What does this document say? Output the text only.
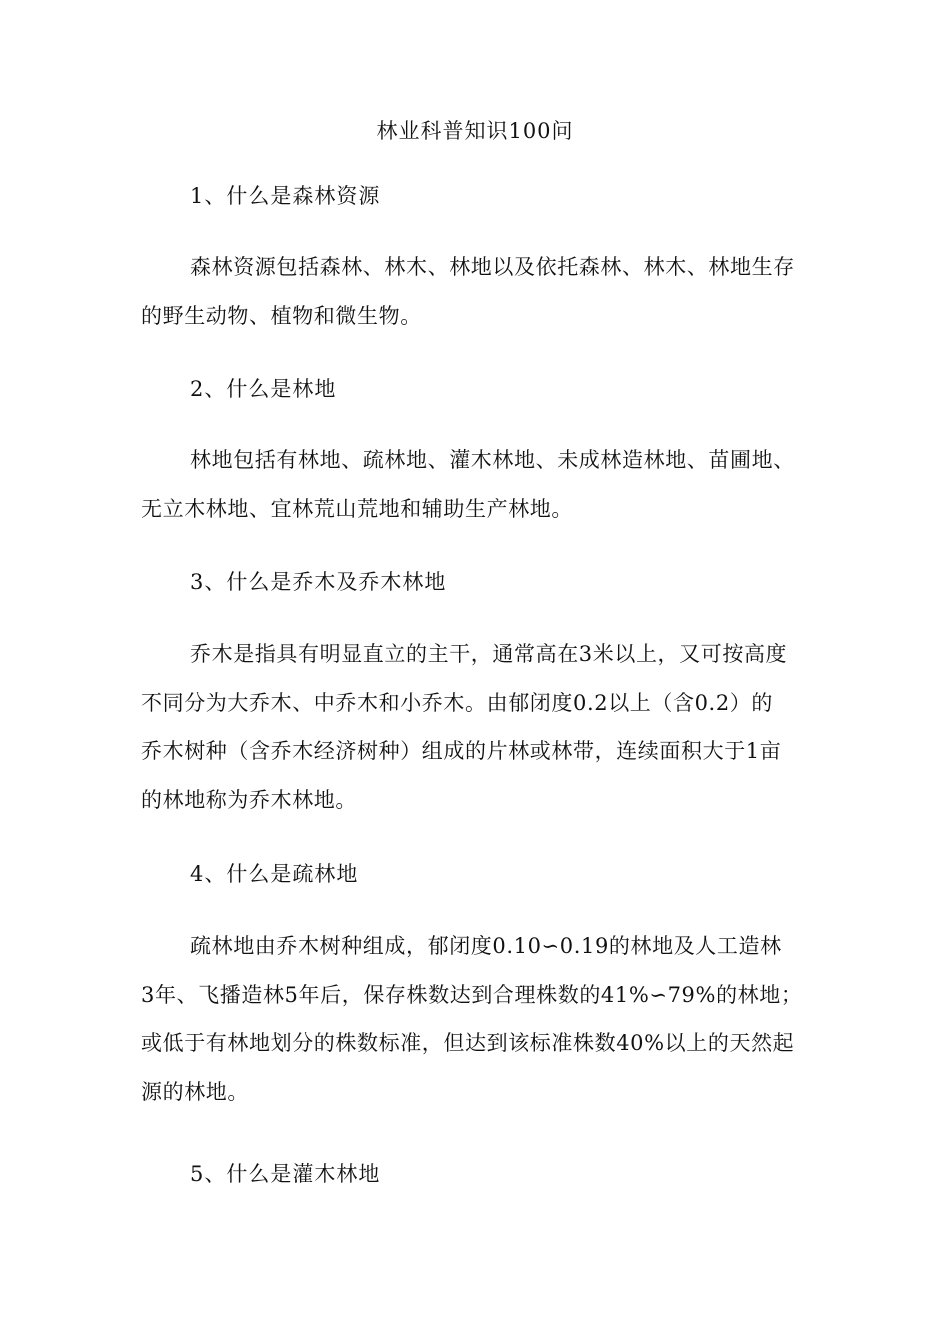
林业科普知识100问
1、什么是森林资源
森林资源包括森林、林木、林地以及依托森林、林木、林地生存
的野生动物、植物和微生物。
2、什么是林地
林地包括有林地、疏林地、灌木林地、未成林造林地、苗圃地、
无立木林地、宜林荒山荒地和辅助生产林地。
3、什么是乔木及乔木林地
乔木是指具有明显直立的主干，通常高在3米以上，又可按高度
不同分为大乔木、中乔木和小乔木。由郁闭度0.2以上（含0.2）的
乔木树种（含乔木经济树种）组成的片林或林带，连续面积大于1亩
的林地称为乔木林地。
4、什么是疏林地
疏林地由乔木树种组成，郁闭度0.10∽0.19的林地及人工造林
3年、飞播造林5年后，保存株数达到合理株数的41%∽79%的林地；
或低于有林地划分的株数标准，但达到该标准株数40%以上的天然起
源的林地。
5、什么是灌木林地
